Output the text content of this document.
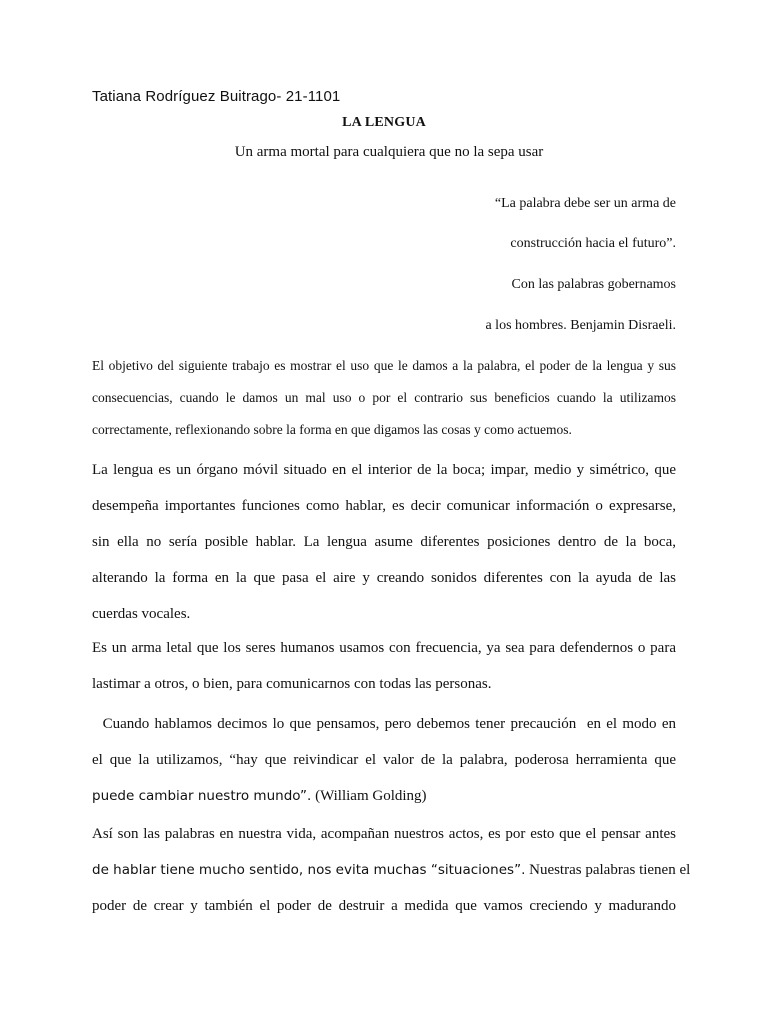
Tatiana Rodríguez Buitrago- 21-1101
LA LENGUA
Un arma mortal para cualquiera que no la sepa usar
“La palabra debe ser un arma de
construcción hacia el futuro”.
Con las palabras gobernamos
a los hombres. Benjamin Disraeli.
El objetivo del siguiente trabajo es mostrar el uso que le damos a la palabra, el poder de la lengua y sus
consecuencias, cuando le damos un mal uso o por el contrario sus beneficios cuando la utilizamos
correctamente, reflexionando sobre la forma en que digamos las cosas y como actuemos.
La lengua es un órgano móvil situado en el interior de la boca; impar, medio y simétrico, que
desempeña importantes funciones como hablar, es decir comunicar información o expresarse,
sin ella no sería posible hablar. La lengua asume diferentes posiciones dentro de la boca,
alterando la forma en la que pasa el aire y creando sonidos diferentes con la ayuda de las
cuerdas vocales.
Es un arma letal que los seres humanos usamos con frecuencia, ya sea para defendernos o para
lastimar a otros, o bien, para comunicarnos con todas las personas.
Cuando hablamos decimos lo que pensamos, pero debemos tener precaución  en el modo en
el que la utilizamos, “hay que reivindicar el valor de la palabra, poderosa herramienta que
puede cambiar nuestro mundo”. (William Golding)
Así son las palabras en nuestra vida, acompañan nuestros actos, es por esto que el pensar antes
de hablar tiene mucho sentido, nos evita muchas “situaciones”. Nuestras palabras tienen el
poder de crear y también el poder de destruir a medida que vamos creciendo y madurando
